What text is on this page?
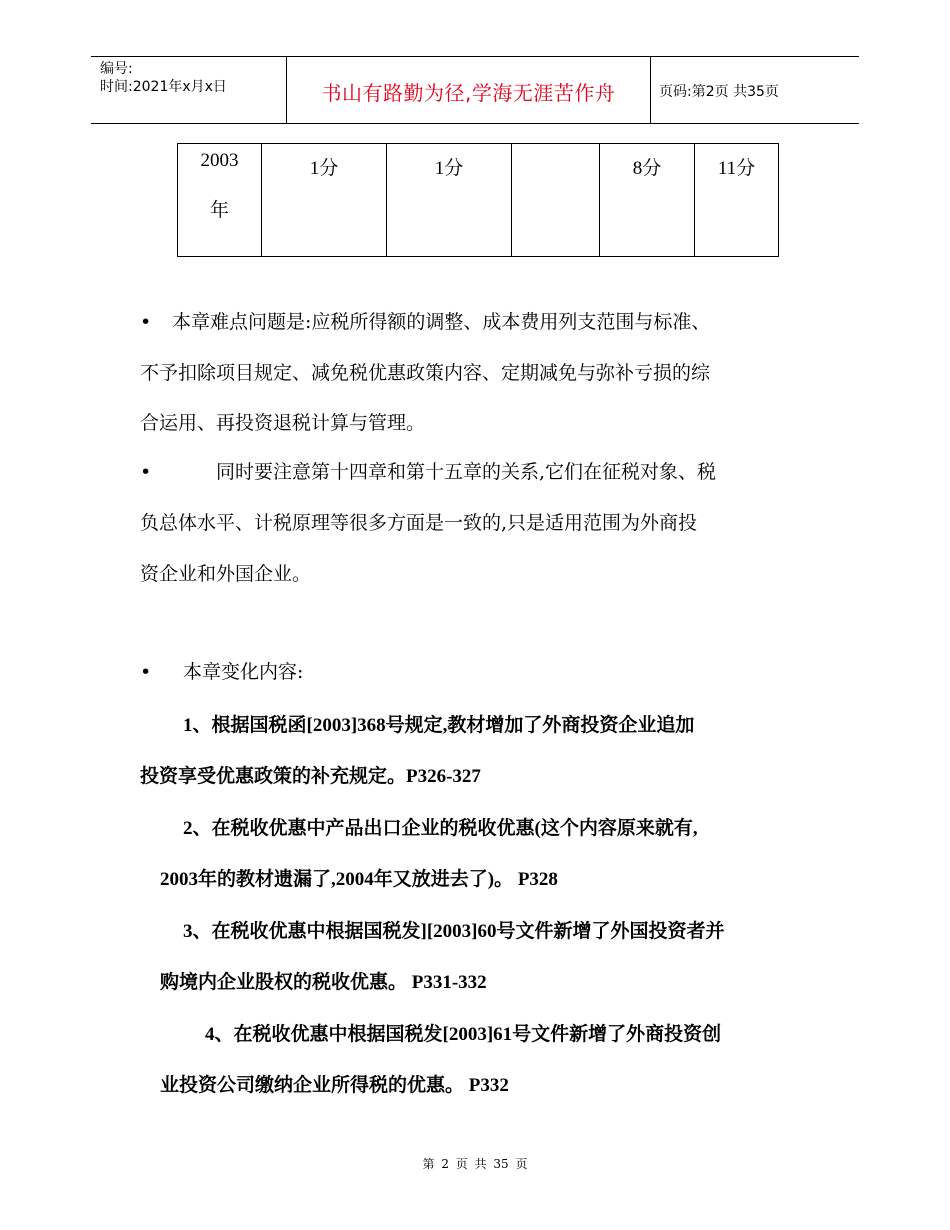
编号:
时间:2021年x月x日	书山有路勤为径,学海无涯苦作舟	页码:第2页 共35页
2003
年	1分	1分		8分	11分
•	本章难点问题是:应税所得额的调整、成本费用列支范围与标准、
不予扣除项目规定、减免税优惠政策内容、定期减免与弥补亏损的综
合运用、再投资退税计算与管理。
•	同时要注意第十四章和第十五章的关系,它们在征税对象、税
负总体水平、计税原理等很多方面是一致的,只是适用范围为外商投
资企业和外国企业。
• 本章变化内容:
1、根据国税函[2003]368号规定,教材增加了外商投资企业追加
投资享受优惠政策的补充规定。P326-327
2、在税收优惠中产品出口企业的税收优惠(这个内容原来就有,
2003年的教材遗漏了,2004年又放进去了)。 P328
3、在税收优惠中根据国税发][2003]60号文件新增了外国投资者并
购境内企业股权的税收优惠。 P331-332
4、在税收优惠中根据国税发[2003]61号文件新增了外商投资创
业投资公司缴纳企业所得税的优惠。 P332
第 2 页 共 35 页
